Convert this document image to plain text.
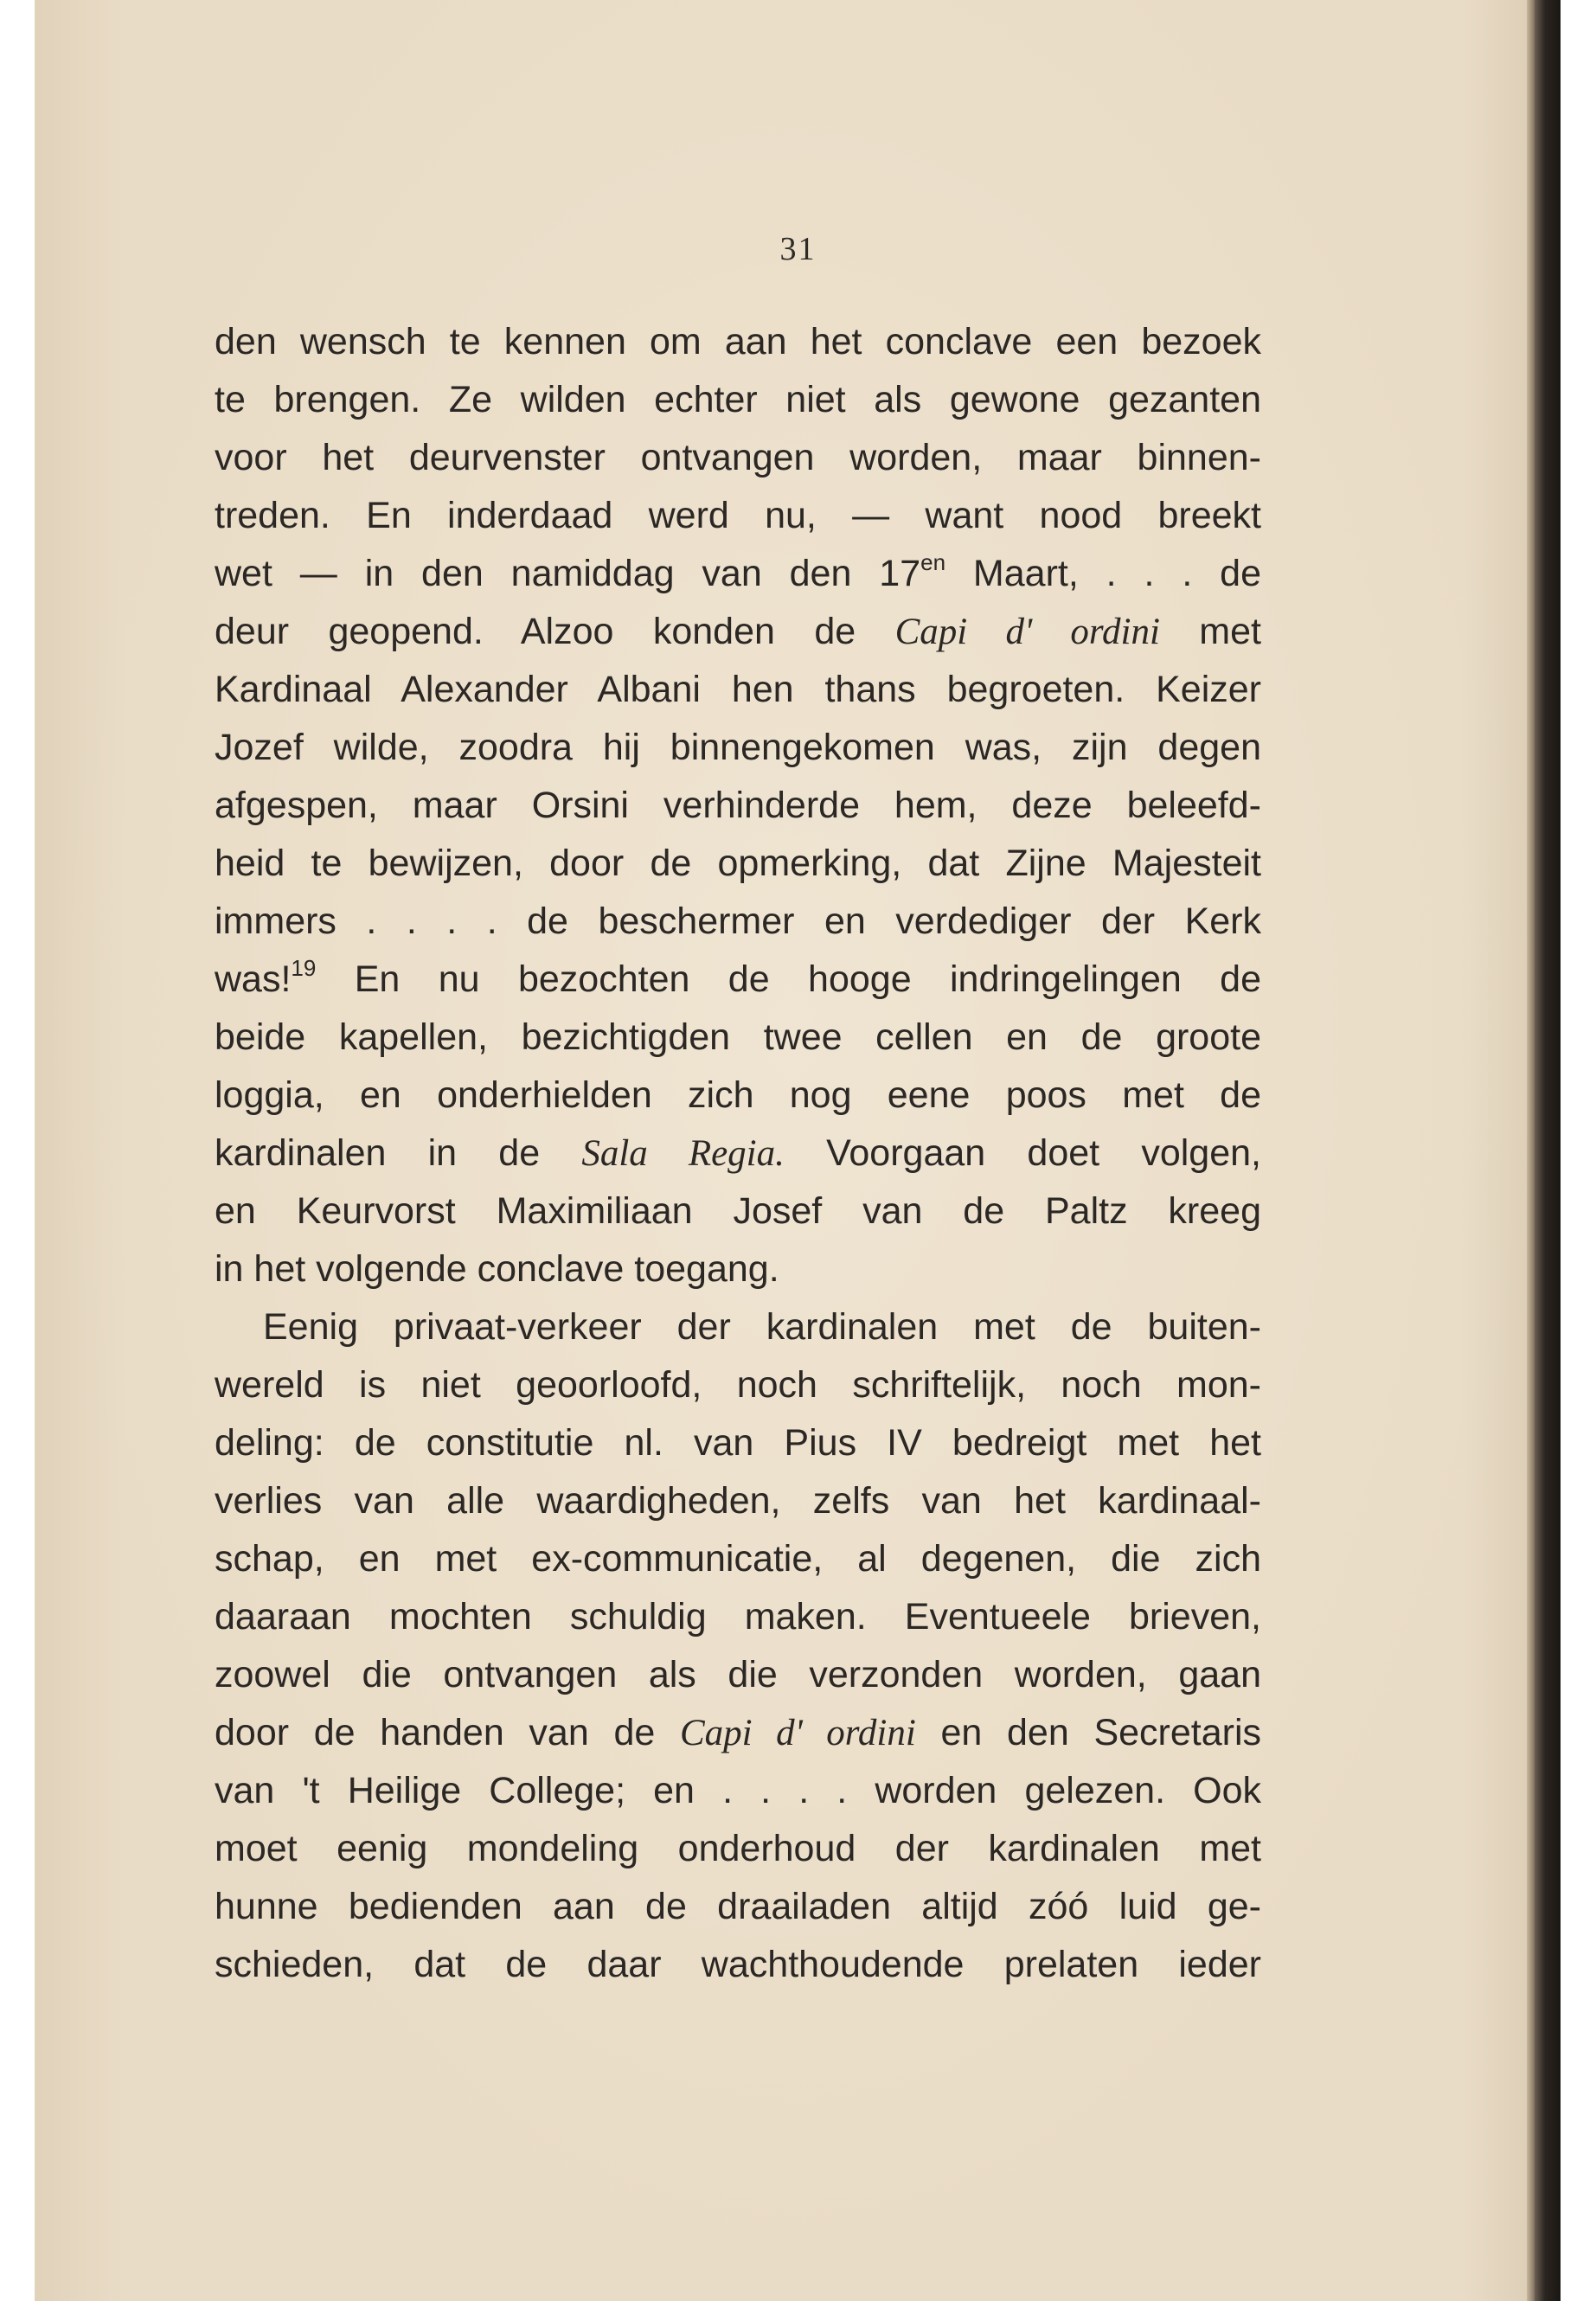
31
den wensch te kennen om aan het conclave een bezoek
te brengen. Ze wilden echter niet als gewone gezanten
voor het deurvenster ontvangen worden, maar binnen-
treden. En inderdaad werd nu, — want nood breekt
wet — in den namiddag van den $17^{en}$ Maart, . . . de
deur geopend. Alzoo konden de Capi d' ordini met
Kardinaal Alexander Albani hen thans begroeten. Keizer
Jozef wilde, zoodra hij binnengekomen was, zijn degen
afgespen, maar Orsini verhinderde hem, deze beleefd-
heid te bewijzen, door de opmerking, dat Zijne Majesteit
immers . . . . de beschermer en verdediger der Kerk
was!$^{19}$ En nu bezochten de hooge indringelingen de
beide kapellen, bezichtigden twee cellen en de groote
loggia, en onderhielden zich nog eene poos met de
kardinalen in de Sala Regia. Voorgaan doet volgen,
en Keurvorst Maximiliaan Josef van de Paltz kreeg
in het volgende conclave toegang.
Eenig privaat-verkeer der kardinalen met de buiten-
wereld is niet geoorloofd, noch schriftelijk, noch mon-
deling: de constitutie nl. van Pius IV bedreigt met het
verlies van alle waardigheden, zelfs van het kardinaal-
schap, en met ex-communicatie, al degenen, die zich
daaraan mochten schuldig maken. Eventueele brieven,
zoowel die ontvangen als die verzonden worden, gaan
door de handen van de Capi d' ordini en den Secretaris
van 't Heilige College; en . . . . worden gelezen. Ook
moet eenig mondeling onderhoud der kardinalen met
hunne bedienden aan de draailaden altijd zóó luid ge-
schieden, dat de daar wachthoudende prelaten ieder
